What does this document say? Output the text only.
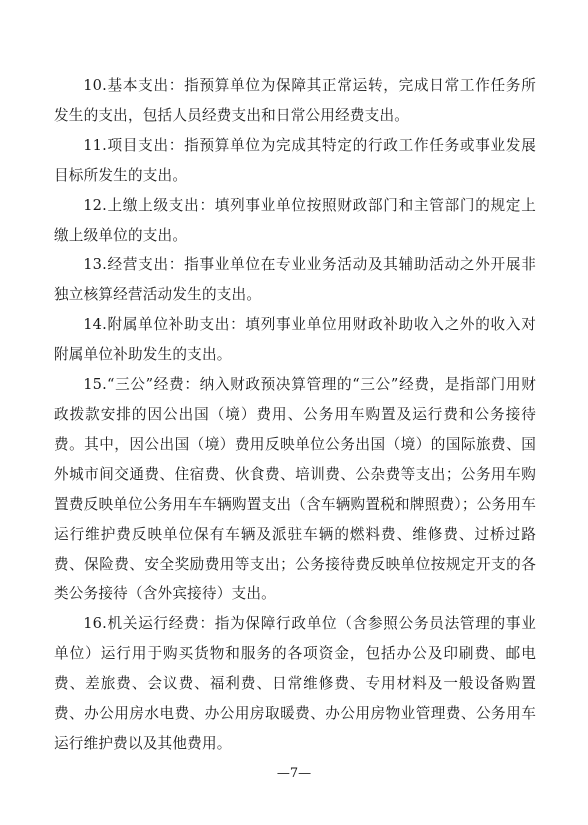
10.基本支出：指预算单位为保障其正常运转，完成日常工作任务所发生的支出，包括人员经费支出和日常公用经费支出。

11.项目支出：指预算单位为完成其特定的行政工作任务或事业发展目标所发生的支出。

12.上缴上级支出：填列事业单位按照财政部门和主管部门的规定上缴上级单位的支出。

13.经营支出：指事业单位在专业业务活动及其辅助活动之外开展非独立核算经营活动发生的支出。

14.附属单位补助支出：填列事业单位用财政补助收入之外的收入对附属单位补助发生的支出。

15.“三公”经费：纳入财政预决算管理的“三公”经费，是指部门用财政拨款安排的因公出国（境）费用、公务用车购置及运行费和公务接待费。其中，因公出国（境）费用反映单位公务出国（境）的国际旅费、国外城市间交通费、住宿费、伙食费、培训费、公杂费等支出；公务用车购置费反映单位公务用车车辆购置支出（含车辆购置税和牌照费）；公务用车运行维护费反映单位保有车辆及派驻车辆的燃料费、维修费、过桥过路费、保险费、安全奖励费用等支出；公务接待费反映单位按规定开支的各类公务接待（含外宾接待）支出。

16.机关运行经费：指为保障行政单位（含参照公务员法管理的事业单位）运行用于购买货物和服务的各项资金，包括办公及印刷费、邮电费、差旅费、会议费、福利费、日常维修费、专用材料及一般设备购置费、办公用房水电费、办公用房取暖费、办公用房物业管理费、公务用车运行维护费以及其他费用。

—7—
